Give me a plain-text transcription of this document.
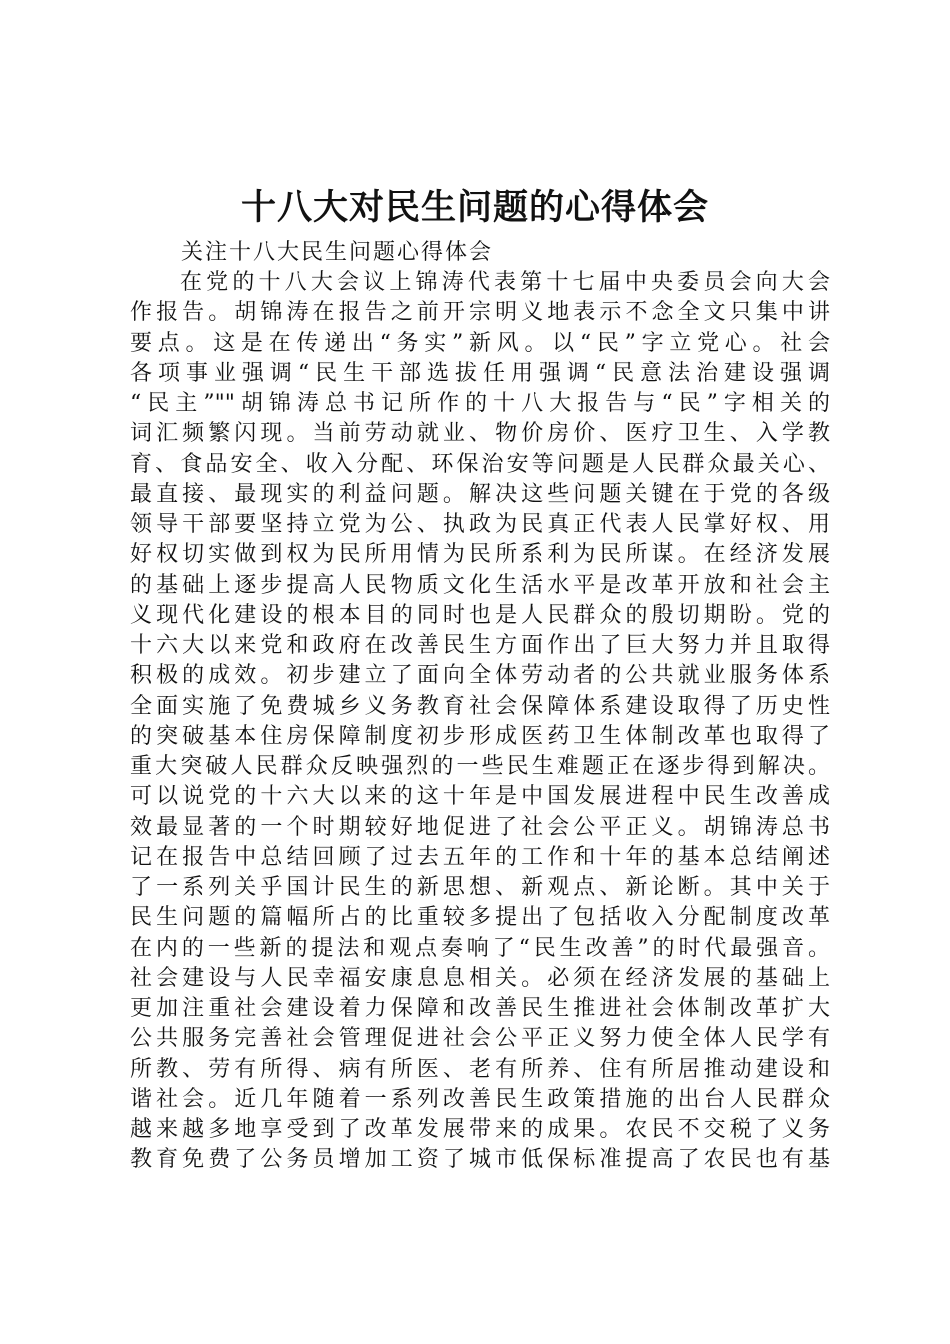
十八大对民生问题的心得体会
关注十八大民生问题心得体会
在党的十八大会议上锦涛代表第十七届中央委员会向大会
作报告。胡锦涛在报告之前开宗明义地表示不念全文只集中讲
要点。这是在传递出“务实”新风。以“民”字立党心。社会
各项事业强调“民生干部选拔任用强调“民意法治建设强调
“民主”""胡锦涛总书记所作的十八大报告与“民”字相关的
词汇频繁闪现。当前劳动就业、物价房价、医疗卫生、入学教
育、食品安全、收入分配、环保治安等问题是人民群众最关心、
最直接、最现实的利益问题。解决这些问题关键在于党的各级
领导干部要坚持立党为公、执政为民真正代表人民掌好权、用
好权切实做到权为民所用情为民所系利为民所谋。在经济发展
的基础上逐步提高人民物质文化生活水平是改革开放和社会主
义现代化建设的根本目的同时也是人民群众的殷切期盼。党的
十六大以来党和政府在改善民生方面作出了巨大努力并且取得
积极的成效。初步建立了面向全体劳动者的公共就业服务体系
全面实施了免费城乡义务教育社会保障体系建设取得了历史性
的突破基本住房保障制度初步形成医药卫生体制改革也取得了
重大突破人民群众反映强烈的一些民生难题正在逐步得到解决。
可以说党的十六大以来的这十年是中国发展进程中民生改善成
效最显著的一个时期较好地促进了社会公平正义。胡锦涛总书
记在报告中总结回顾了过去五年的工作和十年的基本总结阐述
了一系列关乎国计民生的新思想、新观点、新论断。其中关于
民生问题的篇幅所占的比重较多提出了包括收入分配制度改革
在内的一些新的提法和观点奏响了“民生改善”的时代最强音。
社会建设与人民幸福安康息息相关。必须在经济发展的基础上
更加注重社会建设着力保障和改善民生推进社会体制改革扩大
公共服务完善社会管理促进社会公平正义努力使全体人民学有
所教、劳有所得、病有所医、老有所养、住有所居推动建设和
谐社会。近几年随着一系列改善民生政策措施的出台人民群众
越来越多地享受到了改革发展带来的成果。农民不交税了义务
教育免费了公务员增加工资了城市低保标准提高了农民也有基
